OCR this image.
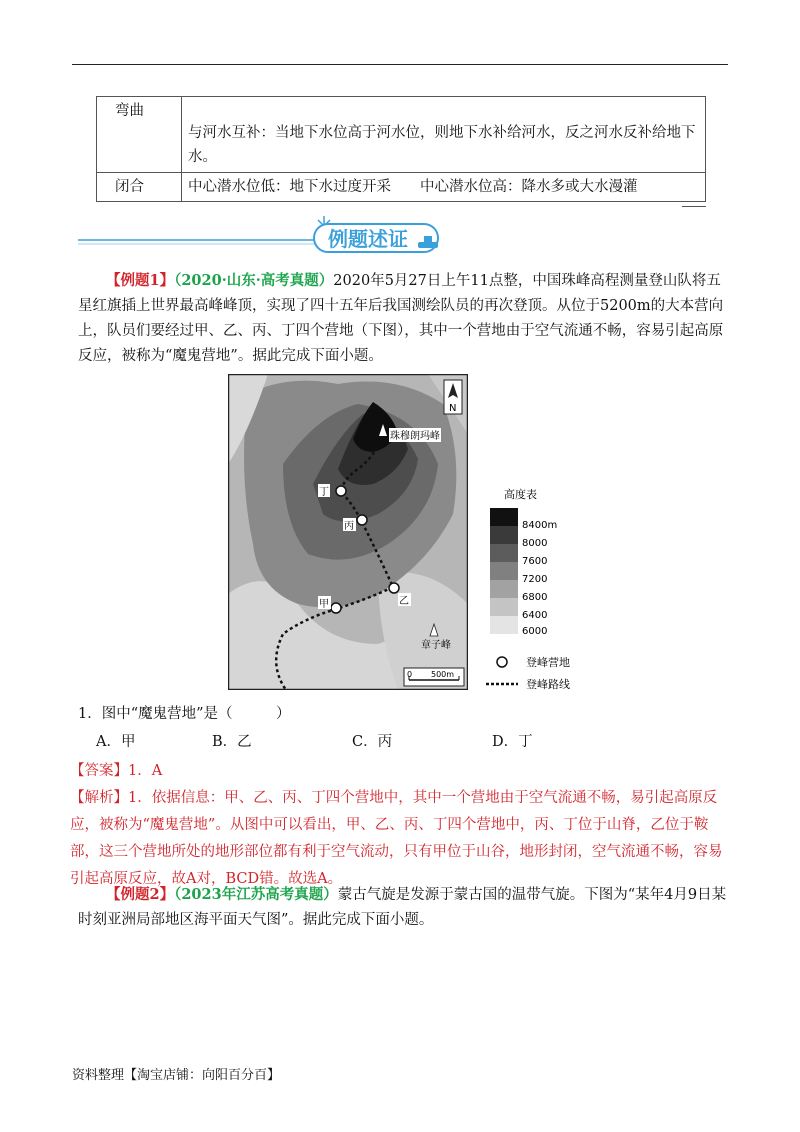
弯曲	与河水互补：当地下水位高于河水位，则地下水补给河水，反之河水反补给地下水。
闭合	中心潜水位低：地下水过度开采　　中心潜水位高：降水多或大水漫灌
例题述证
【例题1】（2020·山东·高考真题）2020年5月27日上午11点整，中国珠峰高程测量登山队将五星红旗插上世界最高峰峰顶，实现了四十五年后我国测绘队员的再次登顶。从位于5200m的大本营向上，队员们要经过甲、乙、丙、丁四个营地（下图），其中一个营地由于空气流通不畅，容易引起高原反应，被称为“魔鬼营地”。据此完成下面小题。
N
珠穆朗玛峰
丁
丙
乙
甲
章子峰
0 500m
高度表
8400m
8000
7600
7200
6800
6400
6000
登峰营地
登峰路线
1．图中“魔鬼营地”是（　　　）
A．甲	B．乙	C．丙	D．丁
【答案】1．A
【解析】1．依据信息：甲、乙、丙、丁四个营地中，其中一个营地由于空气流通不畅，易引起高原反应，被称为“魔鬼营地”。从图中可以看出，甲、乙、丙、丁四个营地中，丙、丁位于山脊，乙位于鞍部，这三个营地所处的地形部位都有利于空气流动，只有甲位于山谷，地形封闭，空气流通不畅，容易引起高原反应，故A对，BCD错。故选A。
【例题2】（2023年江苏高考真题）蒙古气旋是发源于蒙古国的温带气旋。下图为“某年4月9日某时刻亚洲局部地区海平面天气图”。据此完成下面小题。
资料整理【淘宝店铺：向阳百分百】
